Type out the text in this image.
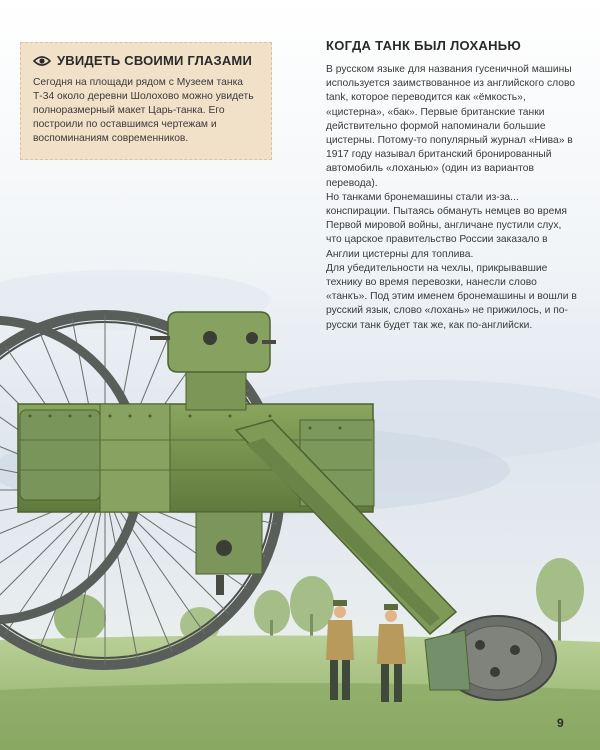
УВИДЕТЬ СВОИМИ ГЛАЗАМИ
Сегодня на площади рядом с Музеем танка Т-34 около деревни Шолохово можно увидеть полноразмерный макет Царь-танка. Его построили по оставшимся чертежам и воспоминаниям современников.
КОГДА ТАНК БЫЛ ЛОХАНЬЮ

В русском языке для названия гусеничной машины используется заимствованное из английского слово tank, которое переводится как «ёмкость», «цистерна», «бак». Первые британские танки действительно формой напоминали большие цистерны. Потому-то популярный журнал «Нива» в 1917 году называл британский бронированный автомобиль «лоханью» (один из вариантов перевода).

Но танками бронемашины стали из-за... конспирации. Пытаясь обмануть немцев во время Первой мировой войны, англичане пустили слух, что царское правительство России заказало в Англии цистерны для топлива.

Для убедительности на чехлы, прикрывавшие технику во время перевозки, нанесли слово «танкъ». Под этим именем бронемашины и вошли в русский язык, слово «лохань» не прижилось, и по-русски танк будет так же, как по-английски.

9
